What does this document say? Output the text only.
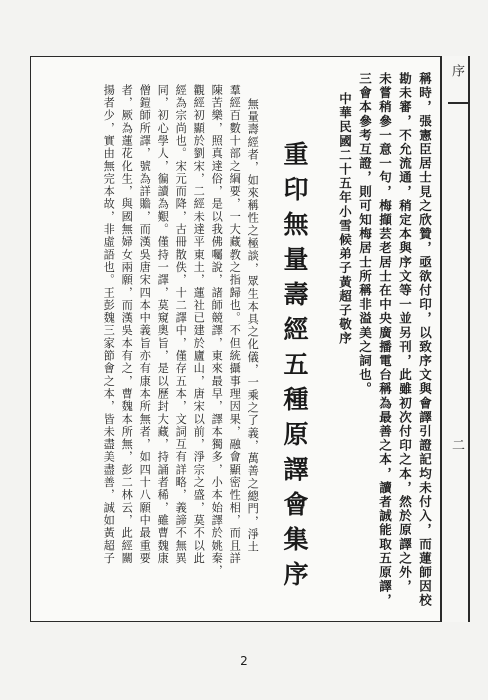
序
二
稱時，張憲臣居士見之欣贊，亟欲付印，以致序文與會譯引證記均未付入，而蓮師因校
勘未審，不允流通，稍定本與序文等一並另刊，此雖初次付印之本，然於原譯之外，
未嘗稍參一意一句，梅擷芸老居士在中央廣播電台稱為最善之本，讀者誠能取五原譯，
三會本參考互證，則可知梅居士所稱非溢美之詞也。
中華民國二十五年小雪候弟子黃超子敬序
重印無量壽經五種原譯會集序
無量壽經者，如來稱性之極談，眾生本具之化儀，一乘之了義，萬善之總門，淨土
羣經百數十部之綱要，一大藏教之指歸也。不但統攝事理因果，融會顯密性相，而且詳
陳苦樂，照真達俗，是以我佛囑說，諸師競譯，東來最早，譯本獨多，小本始譯於姚秦，
觀經初顯於劉宋，二經未達平東土，蓮社已建於廬山，唐宋以前，淨宗之盛，莫不以此
經為宗尚也。宋元而降，古冊散佚，十二譯中，僅存五本，文詞互有詳略，義諦不無異
同，初心學人，徧讀為艱。僅持一譯，莫窺奧旨，是以歷封大藏，持誦者稀，雖曹魏康
僧鎧師所譯，號為詳贍，而漢吳唐宋四本中義旨亦有康本所無者，如四十八願中最重要
者，厥為蓮花化生，與國無婦女兩願，而漢吳本有之，曹魏本所無，彭二林云，此經關
揚者少，實由無完本故，非虛語也。王彭魏三家節會之本，皆未盡美盡善，誠如黃超子
2
